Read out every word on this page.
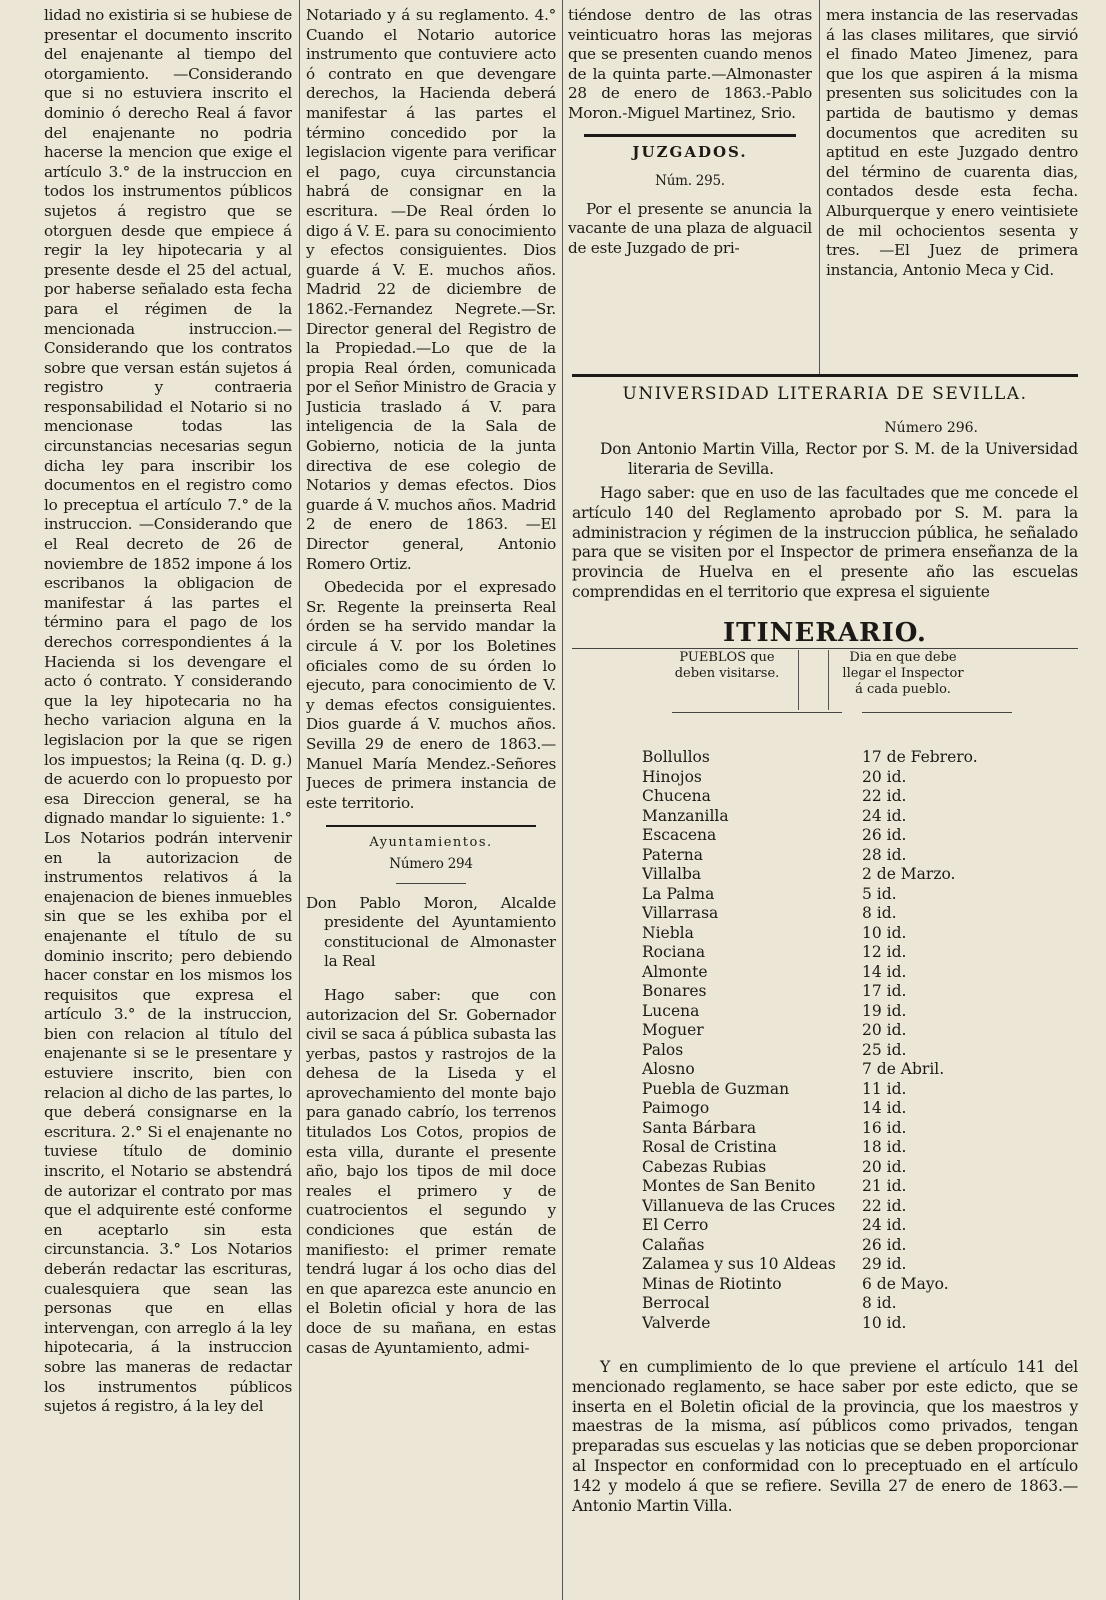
lidad no existiria si se hubiese de presentar el documento inscrito del enajenante al tiempo del otorgamiento. —Considerando que si no estuviera inscrito el dominio ó derecho Real á favor del enajenante no podria hacerse la mencion que exige el artículo 3.° de la instruccion en todos los instrumentos públicos sujetos á registro que se otorguen desde que empiece á regir la ley hipotecaria y al presente desde el 25 del actual, por haberse señalado esta fecha para el régimen de la mencionada instruccion.—Considerando que los contratos sobre que versan están sujetos á registro y contraeria responsabilidad el Notario si no mencionase todas las circunstancias necesarias segun dicha ley para inscribir los documentos en el registro como lo preceptua el artículo 7.° de la instruccion. —Considerando que el Real decreto de 26 de noviembre de 1852 impone á los escribanos la obligacion de manifestar á las partes el término para el pago de los derechos correspondientes á la Hacienda si los devengare el acto ó contrato. Y considerando que la ley hipotecaria no ha hecho variacion alguna en la legislacion por la que se rigen los impuestos; la Reina (q. D. g.) de acuerdo con lo propuesto por esa Direccion general, se ha dignado mandar lo siguiente: 1.° Los Notarios podrán intervenir en la autorizacion de instrumentos relativos á la enajenacion de bienes inmuebles sin que se les exhiba por el enajenante el título de su dominio inscrito; pero debiendo hacer constar en los mismos los requisitos que expresa el artículo 3.° de la instruccion, bien con relacion al título del enajenante si se le presentare y estuviere inscrito, bien con relacion al dicho de las partes, lo que deberá consignarse en la escritura. 2.° Si el enajenante no tuviese título de dominio inscrito, el Notario se abstendrá de autorizar el contrato por mas que el adquirente esté conforme en aceptarlo sin esta circunstancia. 3.° Los Notarios deberán redactar las escrituras, cualesquiera que sean las personas que en ellas intervengan, con arreglo á la ley hipotecaria, á la instruccion sobre las maneras de redactar los instrumentos públicos sujetos á registro, á la ley del

Notariado y á su reglamento. 4.° Cuando el Notario autorice instrumento que contuviere acto ó contrato en que devengare derechos, la Hacienda deberá manifestar á las partes el término concedido por la legislacion vigente para verificar el pago, cuya circunstancia habrá de consignar en la escritura. —De Real órden lo digo á V. E. para su conocimiento y efectos consiguientes. Dios guarde á V. E. muchos años. Madrid 22 de diciembre de 1862.-Fernandez Negrete.—Sr. Director general del Registro de la Propiedad.—Lo que de la propia Real órden, comunicada por el Señor Ministro de Gracia y Justicia traslado á V. para inteligencia de la Sala de Gobierno, noticia de la junta directiva de ese colegio de Notarios y demas efectos. Dios guarde á V. muchos años. Madrid 2 de enero de 1863. —El Director general, Antonio Romero Ortiz.

Obedecida por el expresado Sr. Regente la preinserta Real órden se ha servido mandar la circule á V. por los Boletines oficiales como de su órden lo ejecuto, para conocimiento de V. y demas efectos consiguientes. Dios guarde á V. muchos años. Sevilla 29 de enero de 1863.—Manuel María Mendez.-Señores Jueces de primera instancia de este territorio.

Ayuntamientos.
Número 294

Don Pablo Moron, Alcalde presidente del Ayuntamiento constitucional de Almonaster la Real

Hago saber: que con autorizacion del Sr. Gobernador civil se saca á pública subasta las yerbas, pastos y rastrojos de la dehesa de la Liseda y el aprovechamiento del monte bajo para ganado cabrío, los terrenos titulados Los Cotos, propios de esta villa, durante el presente año, bajo los tipos de mil doce reales el primero y de cuatrocientos el segundo y condiciones que están de manifiesto: el primer remate tendrá lugar á los ocho dias del en que aparezca este anuncio en el Boletin oficial y hora de las doce de su mañana, en estas casas de Ayuntamiento, admi-

tiéndose dentro de las otras veinticuatro horas las mejoras que se presenten cuando menos de la quinta parte.—Almonaster 28 de enero de 1863.-Pablo Moron.-Miguel Martinez, Srio.

JUZGADOS.
Núm. 295.

Por el presente se anuncia la vacante de una plaza de alguacil de este Juzgado de pri-

mera instancia de las reservadas á las clases militares, que sirvió el finado Mateo Jimenez, para que los que aspiren á la misma presenten sus solicitudes con la partida de bautismo y demas documentos que acrediten su aptitud en este Juzgado dentro del término de cuarenta dias, contados desde esta fecha. Alburquerque y enero veintisiete de mil ochocientos sesenta y tres. —El Juez de primera instancia, Antonio Meca y Cid.

UNIVERSIDAD LITERARIA DE SEVILLA.
Número 296.

Don Antonio Martin Villa, Rector por S. M. de la Universidad literaria de Sevilla.

Hago saber: que en uso de las facultades que me concede el artículo 140 del Reglamento aprobado por S. M. para la administracion y régimen de la instruccion pública, he señalado para que se visiten por el Inspector de primera enseñanza de la provincia de Huelva en el presente año las escuelas comprendidas en el territorio que expresa el siguiente

ITINERARIO.
PUEBLOS que deben visitarse.
Dia en que debe llegar el Inspector á cada pueblo.
Bollullos	17 de Febrero.
Hinojos	20 id.
Chucena	22 id.
Manzanilla	24 id.
Escacena	26 id.
Paterna	28 id.
Villalba	2 de Marzo.
La Palma	5 id.
Villarrasa	8 id.
Niebla	10 id.
Rociana	12 id.
Almonte	14 id.
Bonares	17 id.
Lucena	19 id.
Moguer	20 id.
Palos	25 id.
Alosno	7 de Abril.
Puebla de Guzman	11 id.
Paimogo	14 id.
Santa Bárbara	16 id.
Rosal de Cristina	18 id.
Cabezas Rubias	20 id.
Montes de San Benito	21 id.
Villanueva de las Cruces 22 id.
El Cerro	24 id.
Calañas	26 id.
Zalamea y sus 10 Aldeas 29 id.
Minas de Riotinto	6 de Mayo.
Berrocal	8 id.
Valverde	10 id.

Y en cumplimiento de lo que previene el artículo 141 del mencionado reglamento, se hace saber por este edicto, que se inserta en el Boletin oficial de la provincia, que los maestros y maestras de la misma, así públicos como privados, tengan preparadas sus escuelas y las noticias que se deben proporcionar al Inspector en conformidad con lo preceptuado en el artículo 142 y modelo á que se refiere. Sevilla 27 de enero de 1863.—Antonio Martin Villa.
